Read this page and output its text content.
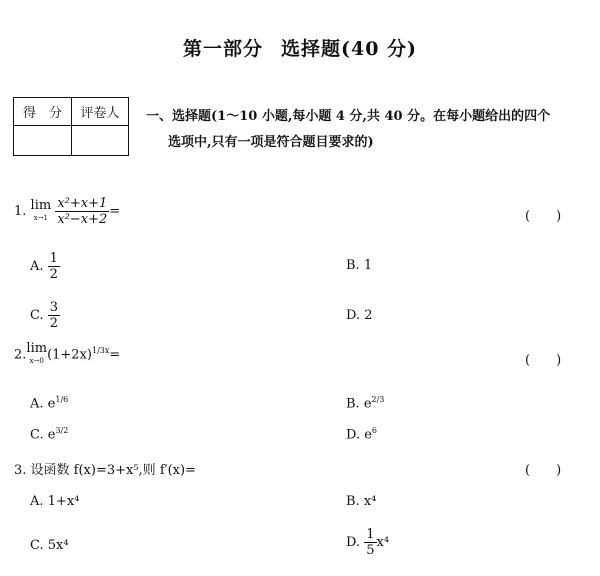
第一部分 选择题(40 分)
得　分	评卷人
	一、选择题(1～10 小题,每小题 4 分,共 40 分。在每小题给出的四个
选项中,只有一项是符合题目要求的)
1. lim
x→1
$\frac{\text{x²+x+1}}{\text{x²−x+2}}$ =	(　　)
A. $\frac{1}{2}$	B. 1
C. $\frac{3}{2}$	D. 2
2. lim
x→0 $(1+2x)^{1/3x}=$	(　　)
A. $e^{1/6}$	B. $e^{2/3}$
C. $e^{3/2}$	D. $e^6$
3. 设函数 f(x)=3+x⁵,则 f′(x)=	(　　)
A. 1+x⁴	B. x⁴
C. 5x⁴	D. $\frac{1}{5} x^4$
